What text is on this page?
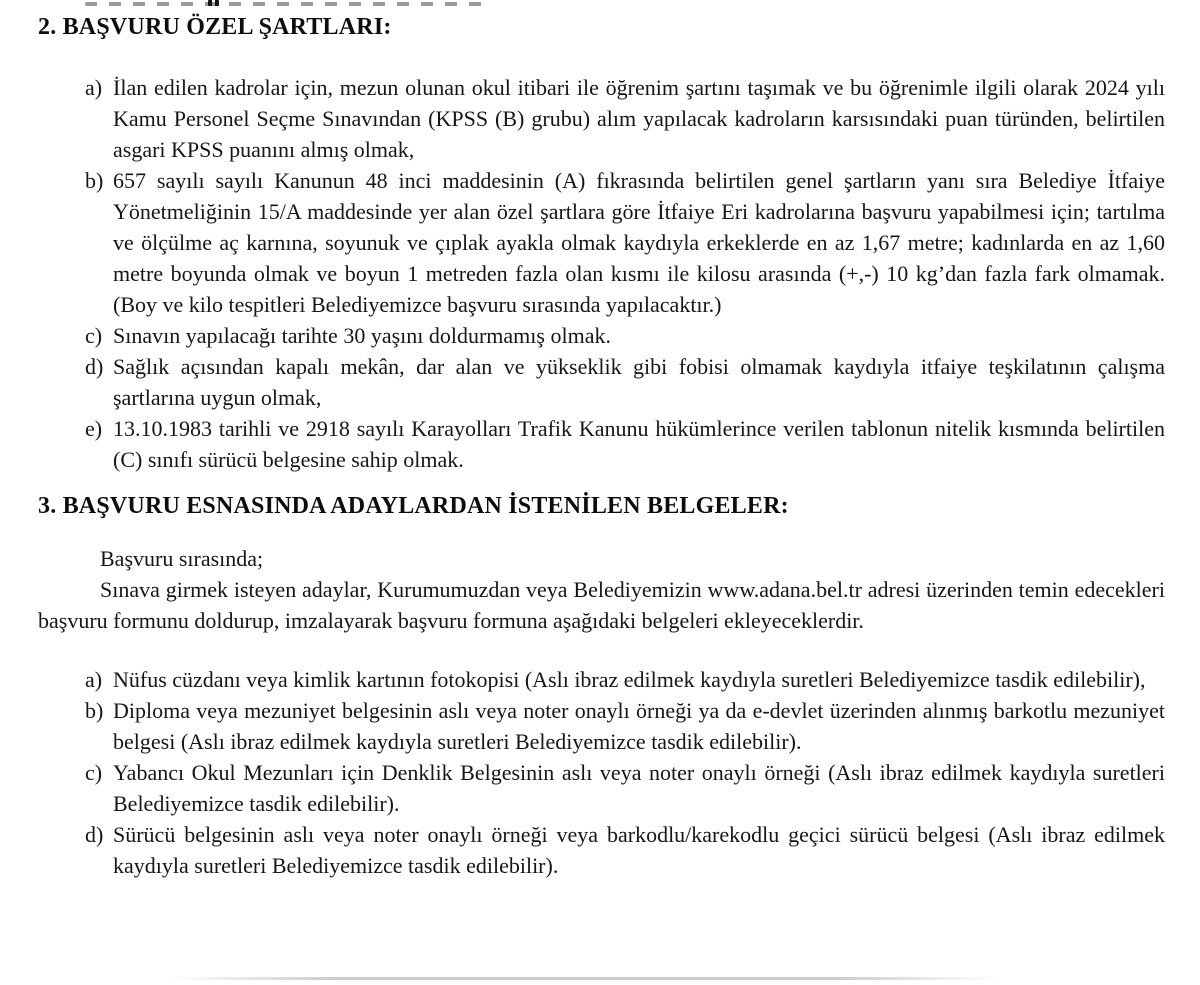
2. BAŞVURU ÖZEL ŞARTLARI:
a) İlan edilen kadrolar için, mezun olunan okul itibari ile öğrenim şartını taşımak ve bu öğrenimle ilgili olarak 2024 yılı Kamu Personel Seçme Sınavından (KPSS (B) grubu) alım yapılacak kadroların karsısındaki puan türünden, belirtilen asgari KPSS puanını almış olmak,
b) 657 sayılı sayılı Kanunun 48 inci maddesinin (A) fıkrasında belirtilen genel şartların yanı sıra Belediye İtfaiye Yönetmeliğinin 15/A maddesinde yer alan özel şartlara göre İtfaiye Eri kadrolarına başvuru yapabilmesi için; tartılma ve ölçülme aç karnına, soyunuk ve çıplak ayakla olmak kaydıyla erkeklerde en az 1,67 metre; kadınlarda en az 1,60 metre boyunda olmak ve boyun 1 metreden fazla olan kısmı ile kilosu arasında (+,-) 10 kg’dan fazla fark olmamak. (Boy ve kilo tespitleri Belediyemizce başvuru sırasında yapılacaktır.)
c) Sınavın yapılacağı tarihte 30 yaşını doldurmamış olmak.
d) Sağlık açısından kapalı mekân, dar alan ve yükseklik gibi fobisi olmamak kaydıyla itfaiye teşkilatının çalışma şartlarına uygun olmak,
e) 13.10.1983 tarihli ve 2918 sayılı Karayolları Trafik Kanunu hükümlerince verilen tablonun nitelik kısmında belirtilen (C) sınıfı sürücü belgesine sahip olmak.
3. BAŞVURU ESNASINDA ADAYLARDAN İSTENİLEN BELGELER:

Başvuru sırasında;

Sınava girmek isteyen adaylar, Kurumumuzdan veya Belediyemizin www.adana.bel.tr adresi üzerinden temin edecekleri başvuru formunu doldurup, imzalayarak başvuru formuna aşağıdaki belgeleri ekleyeceklerdir.

a) Nüfus cüzdanı veya kimlik kartının fotokopisi (Aslı ibraz edilmek kaydıyla suretleri Belediyemizce tasdik edilebilir),
b) Diploma veya mezuniyet belgesinin aslı veya noter onaylı örneği ya da e-devlet üzerinden alınmış barkotlu mezuniyet belgesi (Aslı ibraz edilmek kaydıyla suretleri Belediyemizce tasdik edilebilir).
c) Yabancı Okul Mezunları için Denklik Belgesinin aslı veya noter onaylı örneği (Aslı ibraz edilmek kaydıyla suretleri Belediyemizce tasdik edilebilir).
d) Sürücü belgesinin aslı veya noter onaylı örneği veya barkodlu/karekodlu geçici sürücü belgesi (Aslı ibraz edilmek kaydıyla suretleri Belediyemizce tasdik edilebilir).
